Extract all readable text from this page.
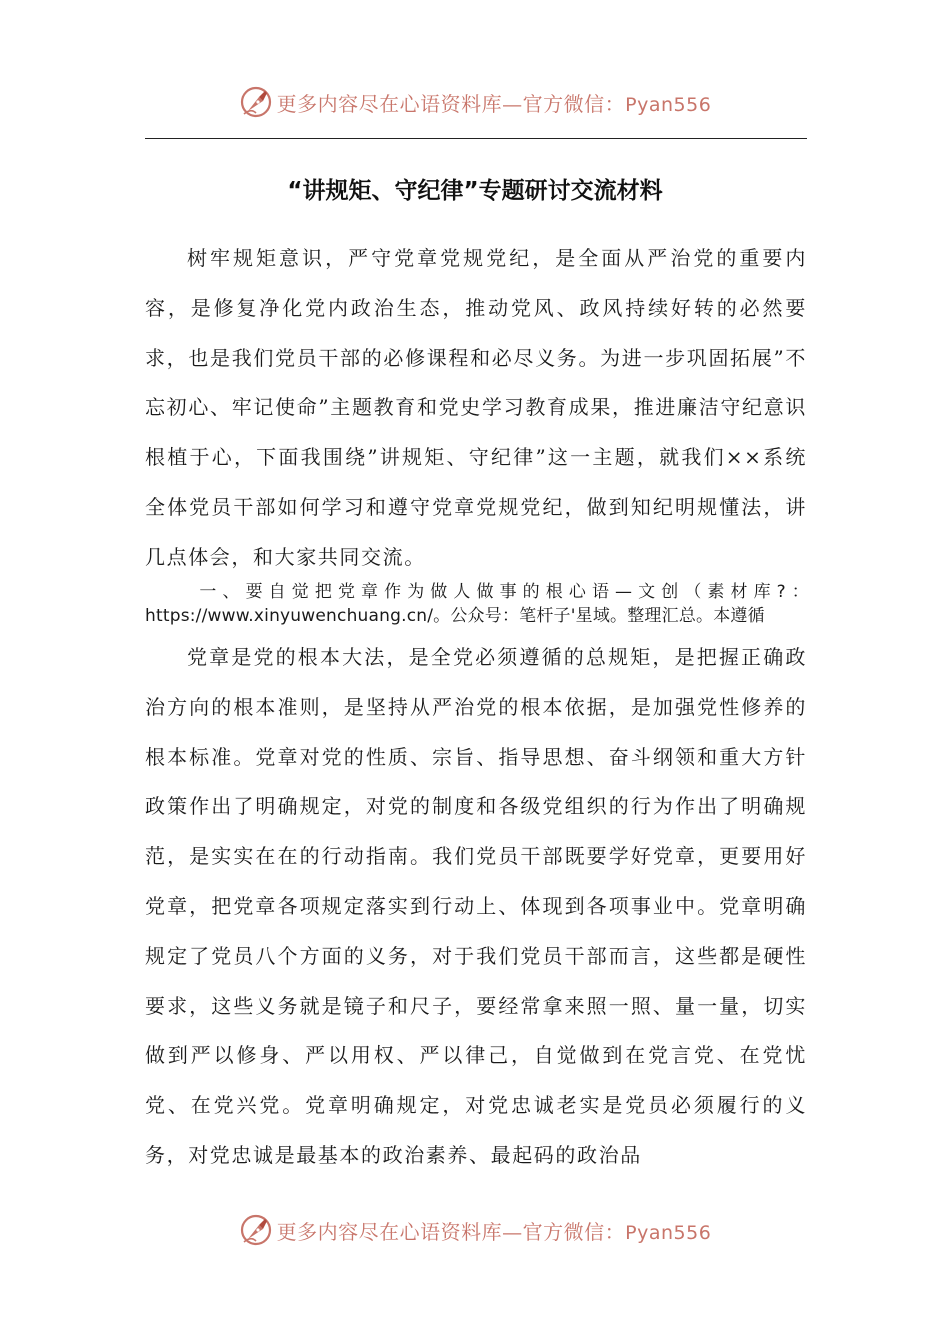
更多内容尽在心语资料库—官方微信：Pyan556
“讲规矩、守纪律”专题研讨交流材料
树牢规矩意识，严守党章党规党纪，是全面从严治党的重要内容，是修复净化党内政治生态，推动党风、政风持续好转的必然要求，也是我们党员干部的必修课程和必尽义务。为进一步巩固拓展”不忘初心、牢记使命”主题教育和党史学习教育成果，推进廉洁守纪意识根植于心，下面我围绕”讲规矩、守纪律”这一主题，就我们××系统全体党员干部如何学习和遵守党章党规党纪，做到知纪明规懂法，讲几点体会，和大家共同交流。
一、要自觉把党章作为做人做事的根心语—文创（素材库?：https://www.xinyuwenchuang.cn/。公众号：笔杆子'星域。整理汇总。本遵循
党章是党的根本大法，是全党必须遵循的总规矩，是把握正确政治方向的根本准则，是坚持从严治党的根本依据，是加强党性修养的根本标准。党章对党的性质、宗旨、指导思想、奋斗纲领和重大方针政策作出了明确规定，对党的制度和各级党组织的行为作出了明确规范，是实实在在的行动指南。我们党员干部既要学好党章，更要用好党章，把党章各项规定落实到行动上、体现到各项事业中。党章明确规定了党员八个方面的义务，对于我们党员干部而言，这些都是硬性要求，这些义务就是镜子和尺子，要经常拿来照一照、量一量，切实做到严以修身、严以用权、严以律己，自觉做到在党言党、在党忧党、在党兴党。党章明确规定，对党忠诚老实是党员必须履行的义务，对党忠诚是最基本的政治素养、最起码的政治品
更多内容尽在心语资料库—官方微信：Pyan556
